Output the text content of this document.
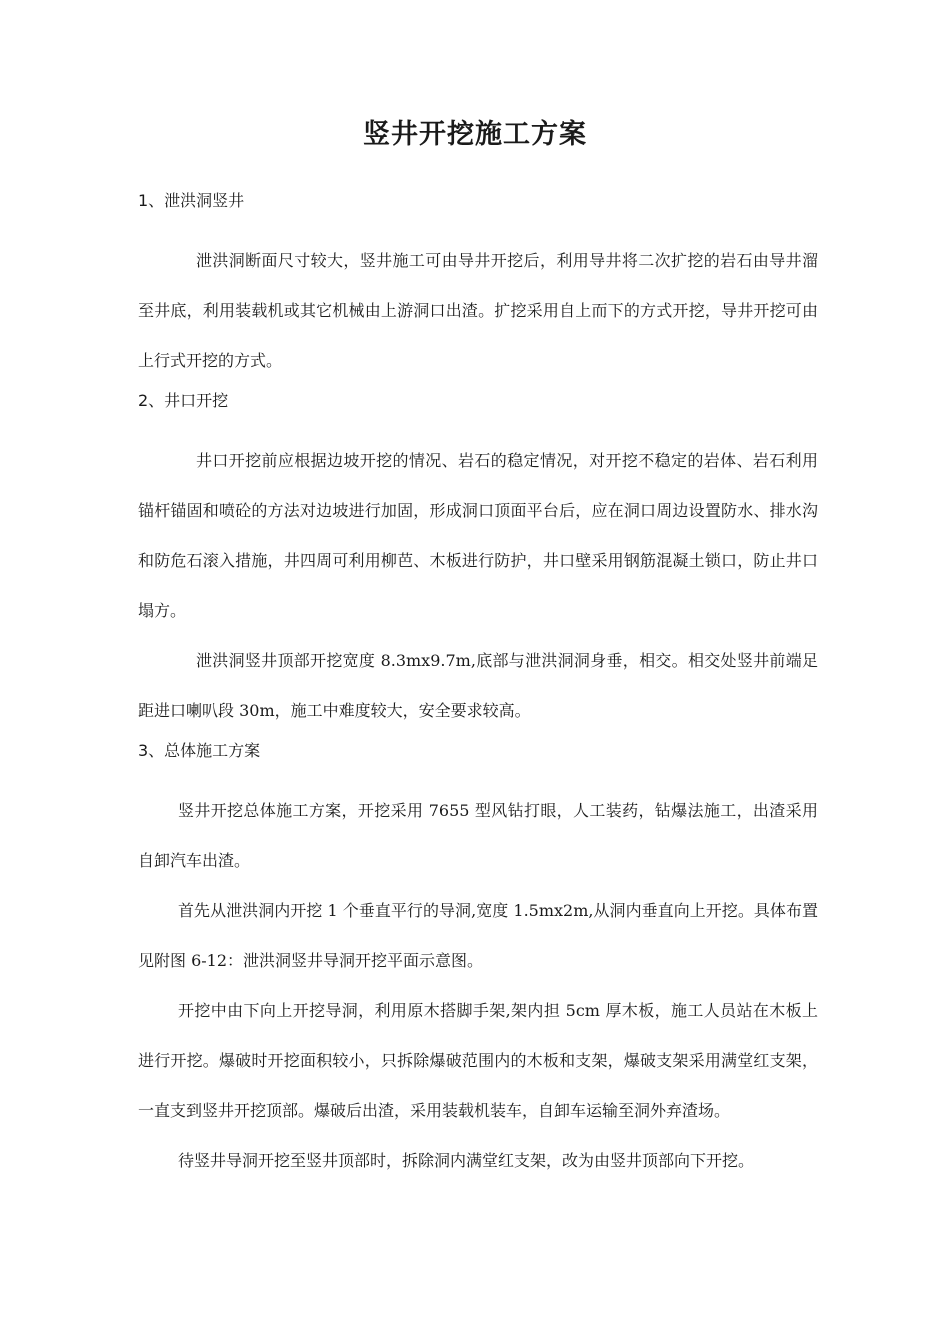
竖井开挖施工方案

1、泄洪洞竖井

泄洪洞断面尺寸较大，竖井施工可由导井开挖后，利用导井将二次扩挖的岩石由导井溜至井底，利用装载机或其它机械由上游洞口出渣。扩挖采用自上而下的方式开挖，导井开挖可由上行式开挖的方式。

2、井口开挖

井口开挖前应根据边坡开挖的情况、岩石的稳定情况，对开挖不稳定的岩体、岩石利用锚杆锚固和喷砼的方法对边坡进行加固，形成洞口顶面平台后，应在洞口周边设置防水、排水沟和防危石滚入措施，井四周可利用柳芭、木板进行防护，井口壁采用钢筋混凝土锁口，防止井口塌方。

泄洪洞竖井顶部开挖宽度 8.3mx9.7m,底部与泄洪洞洞身垂，相交。相交处竖井前端足距进口喇叭段 30m，施工中难度较大，安全要求较高。

3、总体施工方案

竖井开挖总体施工方案，开挖采用 7655 型风钻打眼，人工装药，钻爆法施工，出渣采用自卸汽车出渣。

首先从泄洪洞内开挖 1 个垂直平行的导洞,宽度 1.5mx2m,从洞内垂直向上开挖。具体布置见附图 6-12：泄洪洞竖井导洞开挖平面示意图。

开挖中由下向上开挖导洞，利用原木搭脚手架,架内担 5cm 厚木板，施工人员站在木板上进行开挖。爆破时开挖面积较小，只拆除爆破范围内的木板和支架，爆破支架采用满堂红支架，一直支到竖井开挖顶部。爆破后出渣，采用装载机装车，自卸车运输至洞外弃渣场。

待竖井导洞开挖至竖井顶部时，拆除洞内满堂红支架，改为由竖井顶部向下开挖。
